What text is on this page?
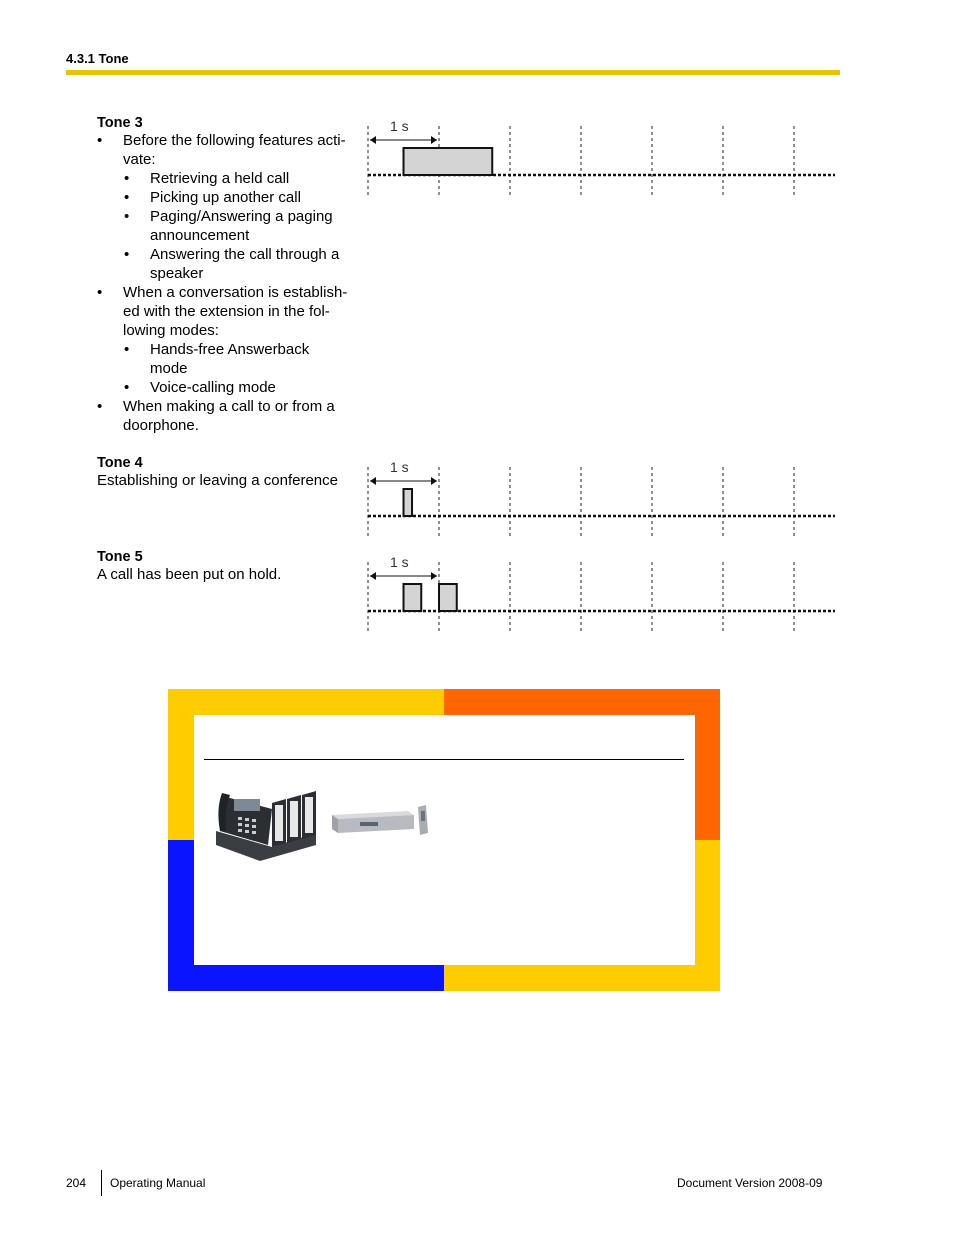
4.3.1 Tone
Tone 3
• Before the following features acti-
vate:
• Retrieving a held call
• Picking up another call
• Paging/Answering a paging
announcement
• Answering the call through a
speaker
• When a conversation is establish-
ed with the extension in the fol-
lowing modes:
• Hands-free Answerback
mode
• Voice-calling mode
• When making a call to or from a
doorphone.
Tone 4
Establishing or leaving a conference
Tone 5
A call has been put on hold.
1 s
1 s
1 s
204 Operating Manual	Document Version 2008-09
